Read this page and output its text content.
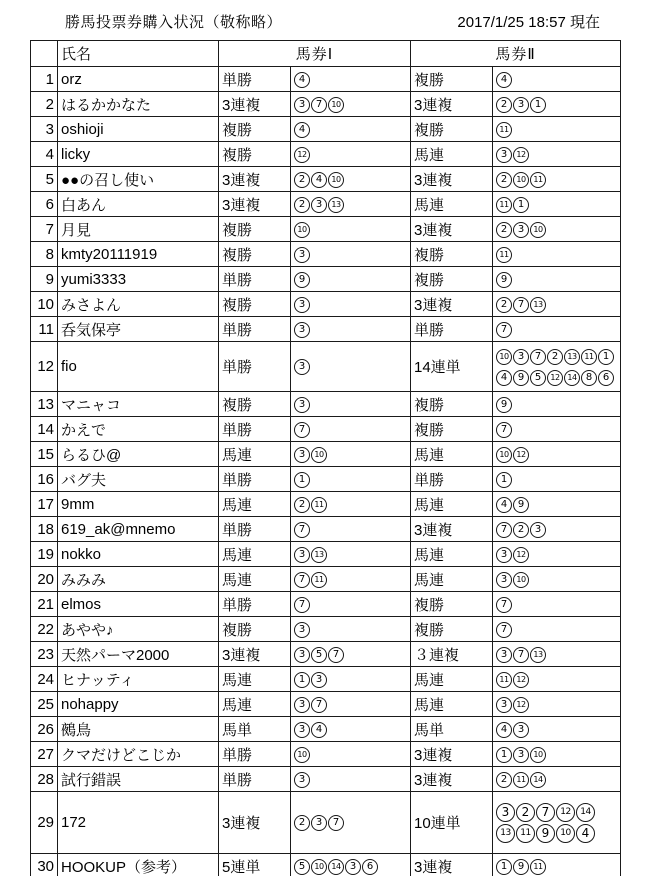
勝馬投票券購入状況（敬称略）	2017/1/25 18:57 現在
	氏名	馬券Ⅰ		馬券Ⅱ	
1	orz	単勝	4	複勝	4

2	はるかかなた	3連複	3 7 10	3連複	2 3 1

3	oshioji	複勝	4	複勝	11

4	licky	複勝	12	馬連	3 12

5	●●の召し使い	3連複	2 4 10	3連複	2 10 11

6	白あん	3連複	2 3 13	馬連	11 1

7	月見	複勝	10	3連複	2 3 10

8	kmty20111919	複勝	3	複勝	11

9	yumi3333	単勝	9	複勝	9

10	みさよん	複勝	3	3連複	2 7 13

11	呑気保亭	単勝	3	単勝	7

12	fio	単勝	3	14連単	10 3 7 2 13 11 1
4 9 5 12 14 8 6

13	マニャコ	複勝	3	複勝	9

14	かえで	単勝	7	複勝	7

15	らるひ@	馬連	3 10	馬連	10 12

16	バグ夫	単勝	1	単勝	1

17	9mm	馬連	2 11	馬連	4 9

18	619_ak@mnemo	単勝	7	3連複	7 2 3

19	nokko	馬連	3 13	馬連	3 12

20	みみみ	馬連	7 11	馬連	3 10

21	elmos	単勝	7	複勝	7

22	あやや♪	複勝	3	複勝	7

23	天然パーマ2000	3連複	3 5 7	３連複	3 7 13

24	ヒナッティ	馬連	1 3	馬連	11 12

25	nohappy	馬連	3 7	馬連	3 12

26	鵺鳥	馬単	3 4	馬単	4 3

27	クマだけどこじか	単勝	10	3連複	1 3 10

28	試行錯誤	単勝	3	3連複	2 11 14

29	172	3連複	2 3 7	10連単	3 2 7 12 14
13 11 9 10 4

30	HOOKUP（参考）	5連単	5 10 14 3 6	3連複	1 9 11
